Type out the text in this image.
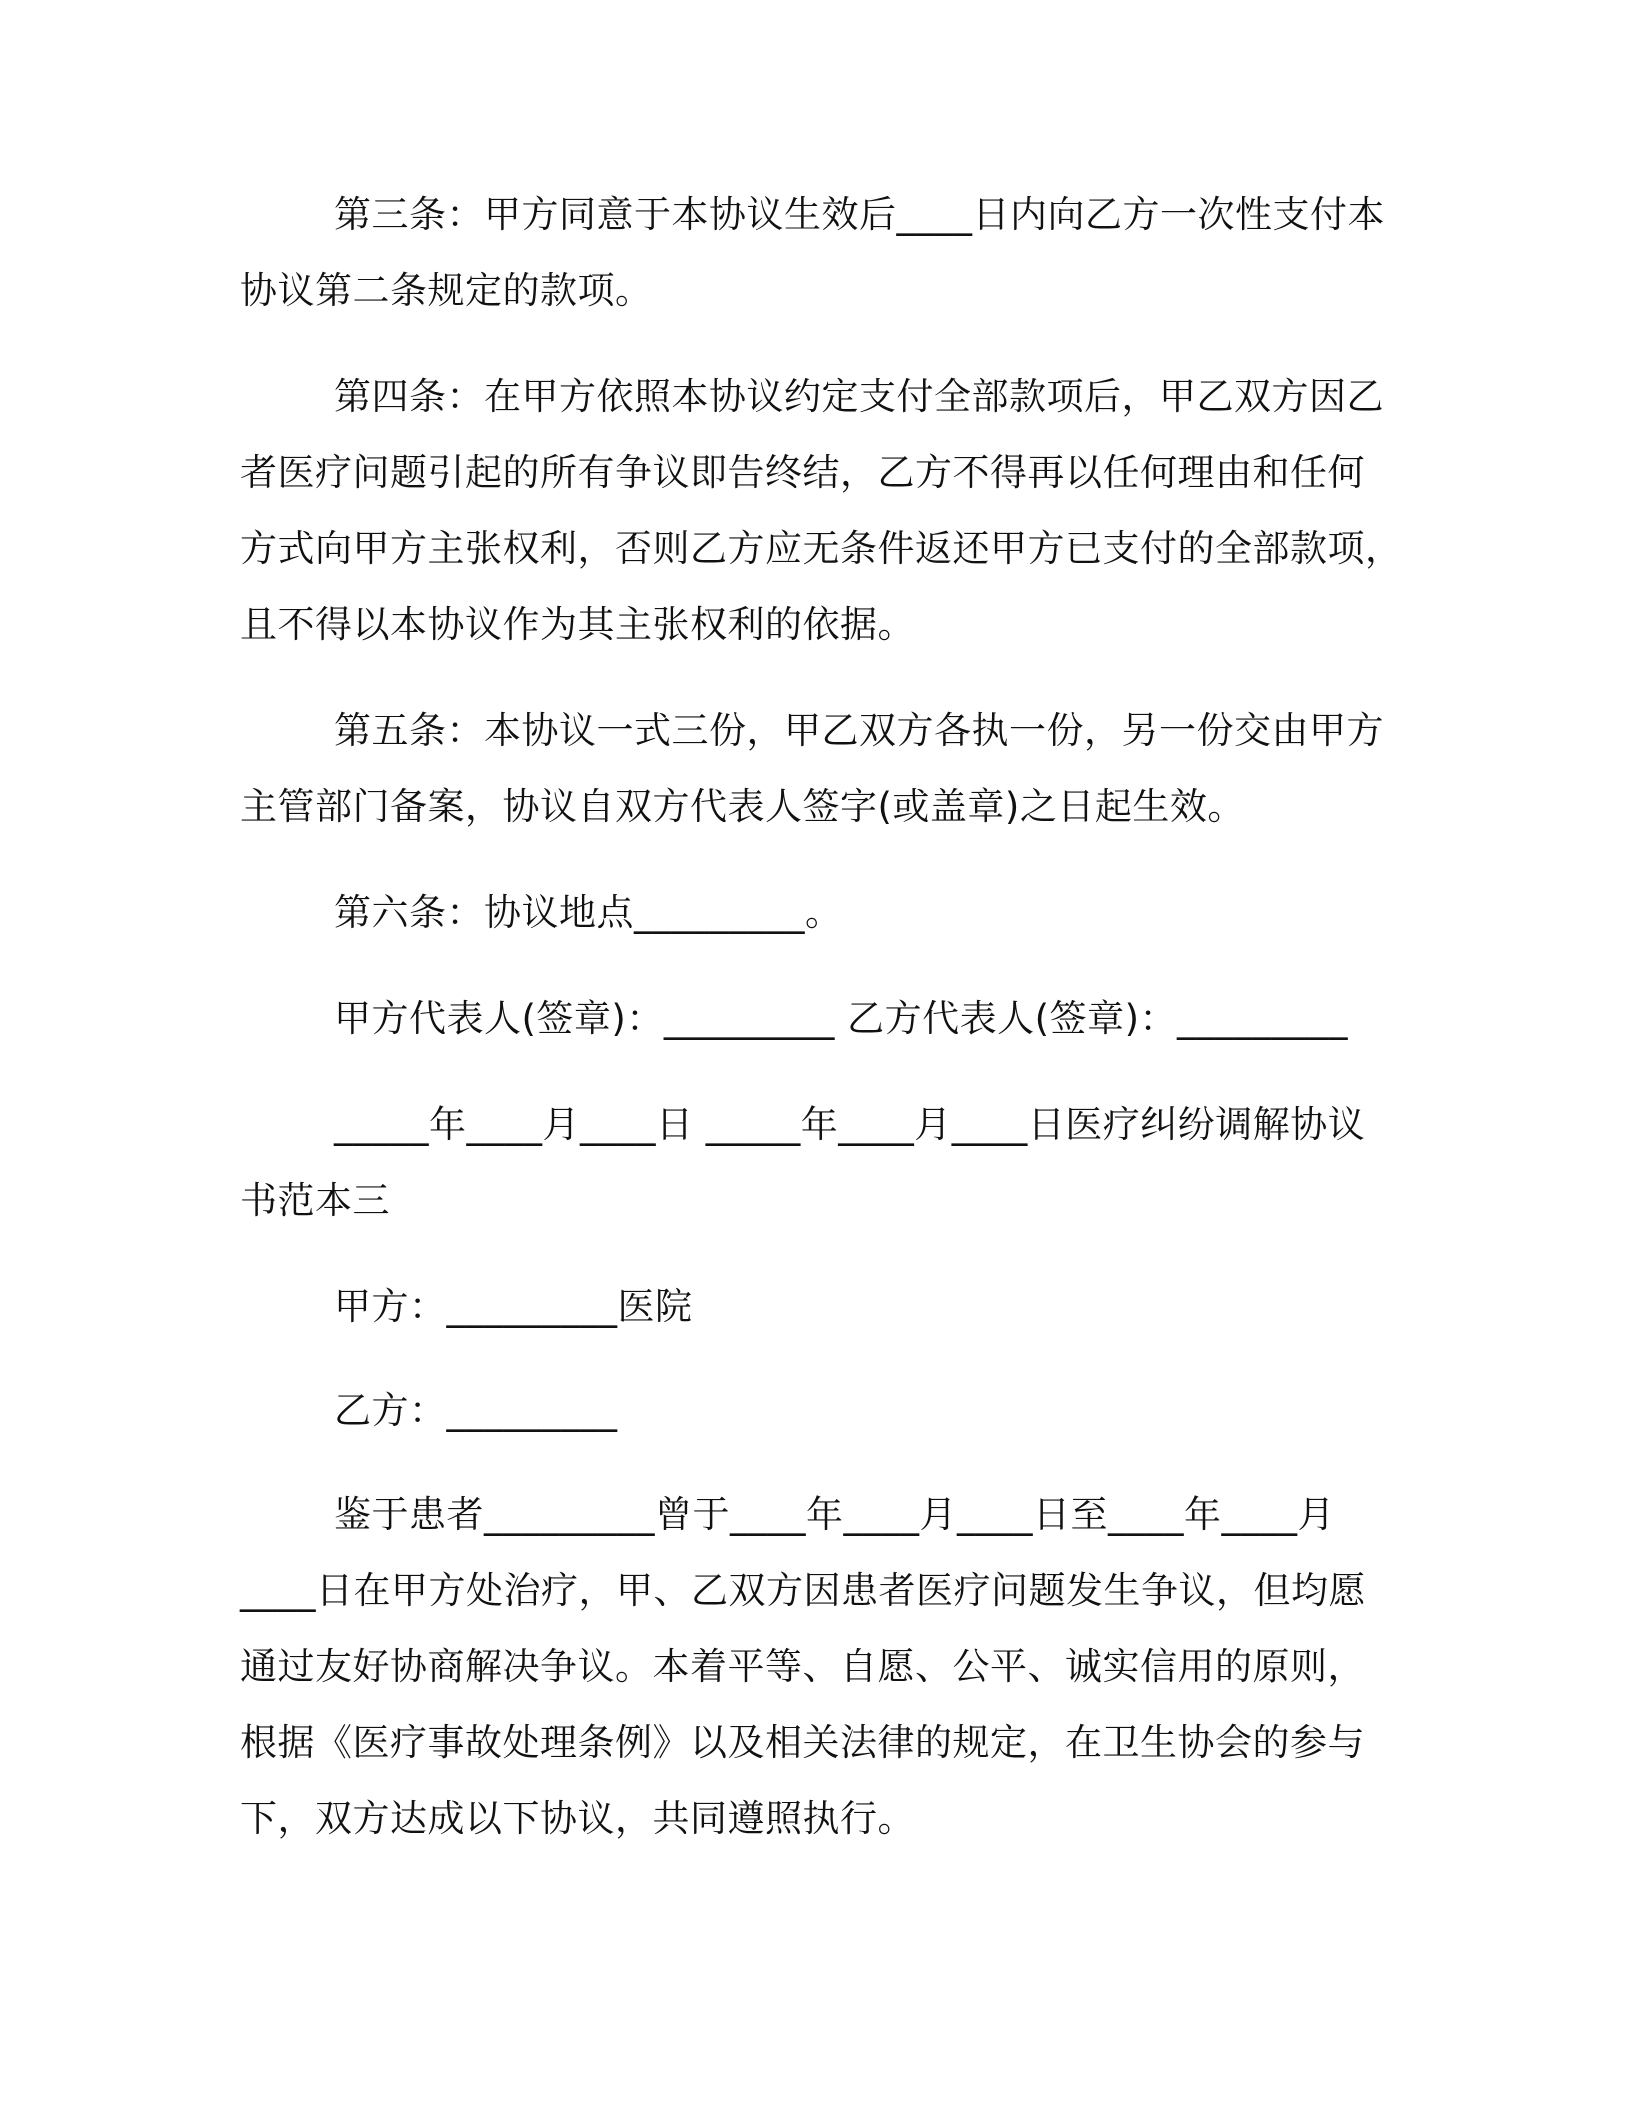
第三条：甲方同意于本协议生效后____日内向乙方一次性支付本
协议第二条规定的款项。
第四条：在甲方依照本协议约定支付全部款项后，甲乙双方因乙
者医疗问题引起的所有争议即告终结，乙方不得再以任何理由和任何
方式向甲方主张权利，否则乙方应无条件返还甲方已支付的全部款项，
且不得以本协议作为其主张权利的依据。
第五条：本协议一式三份，甲乙双方各执一份，另一份交由甲方
主管部门备案，协议自双方代表人签字(或盖章)之日起生效。
第六条：协议地点_________。
甲方代表人(签章)：_________ 乙方代表人(签章)：_________
_____年____月____日 _____年____月____日医疗纠纷调解协议
书范本三
甲方：_________医院
乙方：_________
鉴于患者_________曾于____年____月____日至____年____月
____日在甲方处治疗，甲、乙双方因患者医疗问题发生争议，但均愿
通过友好协商解决争议。本着平等、自愿、公平、诚实信用的原则，
根据《医疗事故处理条例》以及相关法律的规定，在卫生协会的参与
下，双方达成以下协议，共同遵照执行。
